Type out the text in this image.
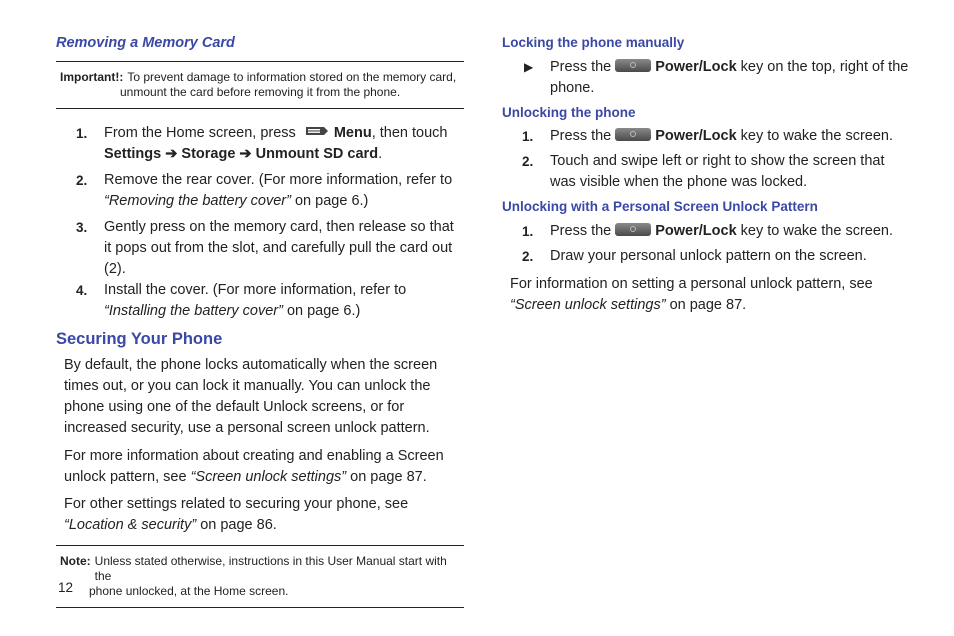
Removing a Memory Card
Important!: To prevent damage to information stored on the memory card,
unmount the card before removing it from the phone.
1.	From the Home screen, press	Menu, then touch
Settings ➔ Storage ➔ Unmount SD card.
2.	Remove the rear cover. (For more information, refer to
“Removing the battery cover” on page 6.)
3.	Gently press on the memory card, then release so that it pops out from the slot, and carefully pull the card out (2).
4.	Install the cover. (For more information, refer to “Installing the battery cover” on page 6.)
Securing Your Phone

By default, the phone locks automatically when the screen times out, or you can lock it manually. You can unlock the phone using one of the default Unlock screens, or for increased security, use a personal screen unlock pattern.

For more information about creating and enabling a Screen unlock pattern, see “Screen unlock settings” on page 87.

For other settings related to securing your phone, see “Location & security” on page 86.

Note: Unless stated otherwise, instructions in this User Manual start with the
phone unlocked, at the Home screen.
Locking the phone manually
▶	Press the	Power/Lock key on the top, right of the phone.
Unlocking the phone
1.	Press the	Power/Lock key to wake the screen.
2.	Touch and swipe left or right to show the screen that was visible when the phone was locked.
Unlocking with a Personal Screen Unlock Pattern
1.	Press the	Power/Lock key to wake the screen.
2.	Draw your personal unlock pattern on the screen.

For information on setting a personal unlock pattern, see “Screen unlock settings” on page 87.

12
